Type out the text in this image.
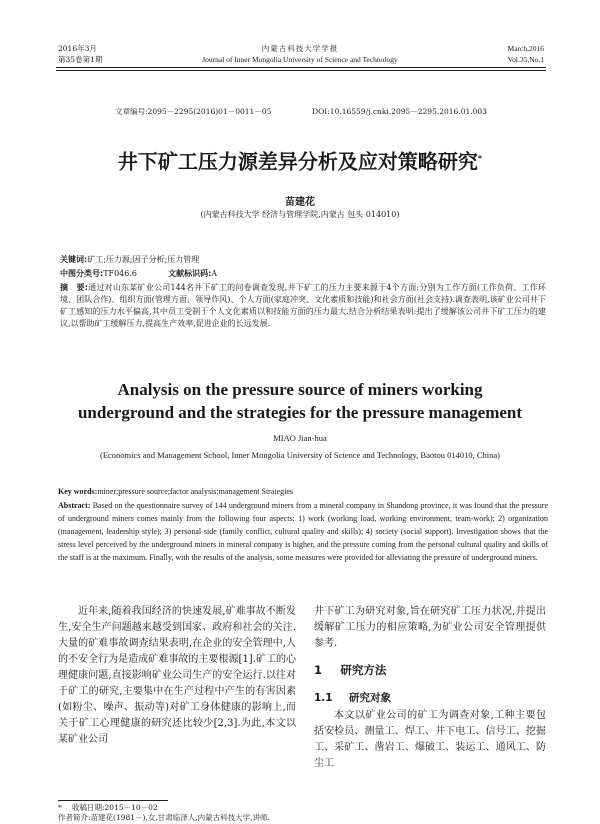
2016年3月
第35卷第1期
内蒙古科技大学学报
Journal of Inner Mongolia University of Science and Technology
March,2016
Vol.35,No.1
文章编号:2095－2295(2016)01－0011－05	DOI:10.16559/j.cnki.2095－2295.2016.01.003
井下矿工压力源差异分析及应对策略研究*
苗建花
(内蒙古科技大学 经济与管理学院,内蒙古 包头 014010)
关键词:矿工;压力源;因子分析;压力管理
中图分类号:TF046.6	文献标识码:A
摘　要:通过对山东某矿业公司144名井下矿工的问卷调查发现,井下矿工的压力主要来源于4个方面:分别为工作方面(工作负荷、工作环境、团队合作)、组织方面(管理方面、领导作风)、个人方面(家庭冲突、文化素质和技能)和社会方面(社会支持).调查表明,该矿业公司井下矿工感知的压力水平偏高,其中员工受制于个人文化素质以和技能方面的压力最大.结合分析结果表明:提出了缓解该公司井下矿工压力的建议,以帮助矿工缓解压力,提高生产效率,促进企业的长远发展.
Analysis on the pressure source of miners working
underground and the strategies for the pressure management
MIAO Jian-hua
(Economics and Management School, Inner Mongolia University of Science and Technology, Baotou 014010, China)
Key words:miner;pressure source;factor analysis;management Strategies
Abstract: Based on the questionnaire survey of 144 underground miners from a mineral company in Shandong province, it was found that the pressure of underground miners comes mainly from the following four aspects: 1) work (working load, working environment, team-work); 2) organization (management, leadership style); 3) personal side (family conflict, cultural quality and skills); 4) society (social support). Investigation shows that the stress level perceived by the underground miners in mineral company is higher, and the pressure coming from the personal cultural quality and skills of the staff is at the maximum. Finally, with the results of the analysis, some measures were provided for alleviating the pressure of underground miners.

近年来,随着我国经济的快速发展,矿难事故不断发生,安全生产问题越来越受到国家、政府和社会的关注.大量的矿难事故调查结果表明,在企业的安全管理中,人的不安全行为是造成矿难事故的主要根源[1].矿工的心理健康问题,直接影响矿业公司生产的安全运行.以往对于矿工的研究,主要集中在生产过程中产生的有害因素(如粉尘、噪声、振动等)对矿工身体健康的影响上,而关于矿工心理健康的研究还比较少[2,3].为此,本文以某矿业公司

井下矿工为研究对象,旨在研究矿工压力状况,并提出缓解矿工压力的相应策略,为矿业公司安全管理提供参考.

1 研究方法
1.1 研究对象

本文以矿业公司的矿工为调查对象,工种主要包括安检员、测量工、焊工、井下电工、信号工、挖掘工、采矿工、凿岩工、爆破工、装运工、通风工、防尘工

* 收稿日期:2015－10－02
作者简介:苗建花(1981－),女,甘肃临泽人,内蒙古科技大学,讲师.
